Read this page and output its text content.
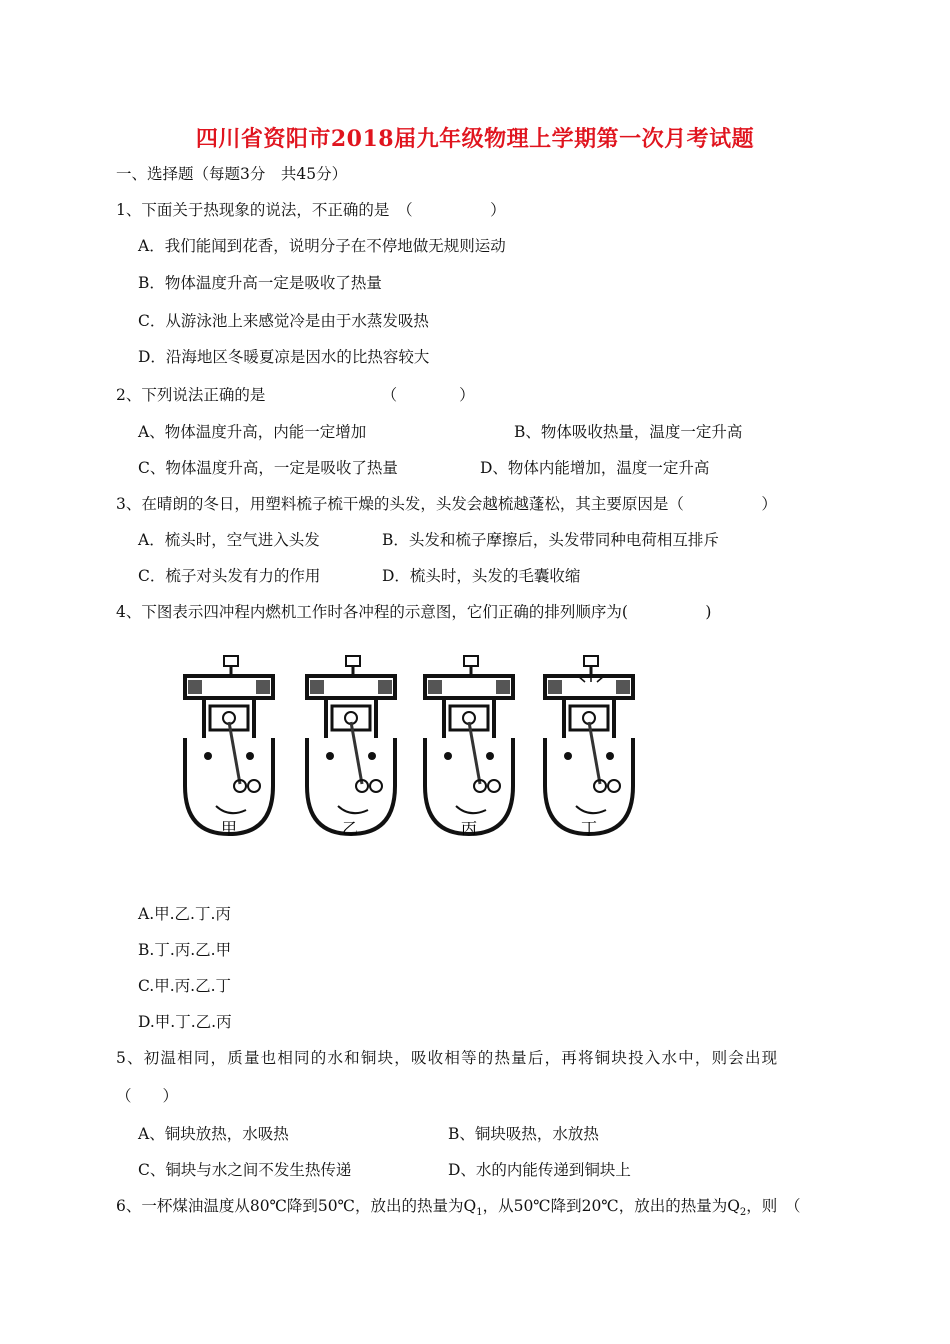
四川省资阳市2018届九年级物理上学期第一次月考试题
一、选择题（每题3分　共45分）
1、下面关于热现象的说法，不正确的是　（　　　　　）
A．我们能闻到花香，说明分子在不停地做无规则运动
B．物体温度升高一定是吸收了热量
C．从游泳池上来感觉冷是由于水蒸发吸热
D．沿海地区冬暖夏凉是因水的比热容较大
2、下列说法正确的是　　　　　　　　（　　　　）
A、物体温度升高，内能一定增加	B、物体吸收热量，温度一定升高
C、物体温度升高，一定是吸收了热量	D、物体内能增加，温度一定升高
3、在晴朗的冬日，用塑料梳子梳干燥的头发，头发会越梳越蓬松，其主要原因是（　　　　　）
A．梳头时，空气进入头发	B．头发和梳子摩擦后，头发带同种电荷相互排斥
C．梳子对头发有力的作用	D．梳头时，头发的毛囊收缩
4、下图表示四冲程内燃机工作时各冲程的示意图，它们正确的排列顺序为(　　　　　)
甲	乙	丙	丁
A.甲.乙.丁.丙
B.丁.丙.乙.甲
C.甲.丙.乙.丁
D.甲.丁.乙.丙
5、初温相同，质量也相同的水和铜块，吸收相等的热量后，再将铜块投入水中，则会出现
（　　）
A、铜块放热，水吸热	B、铜块吸热，水放热
C、铜块与水之间不发生热传递	D、水的内能传递到铜块上
6、一杯煤油温度从80℃降到50℃，放出的热量为$Q_1$，从50℃降到20℃，放出的热量为$Q_2$，则　（
